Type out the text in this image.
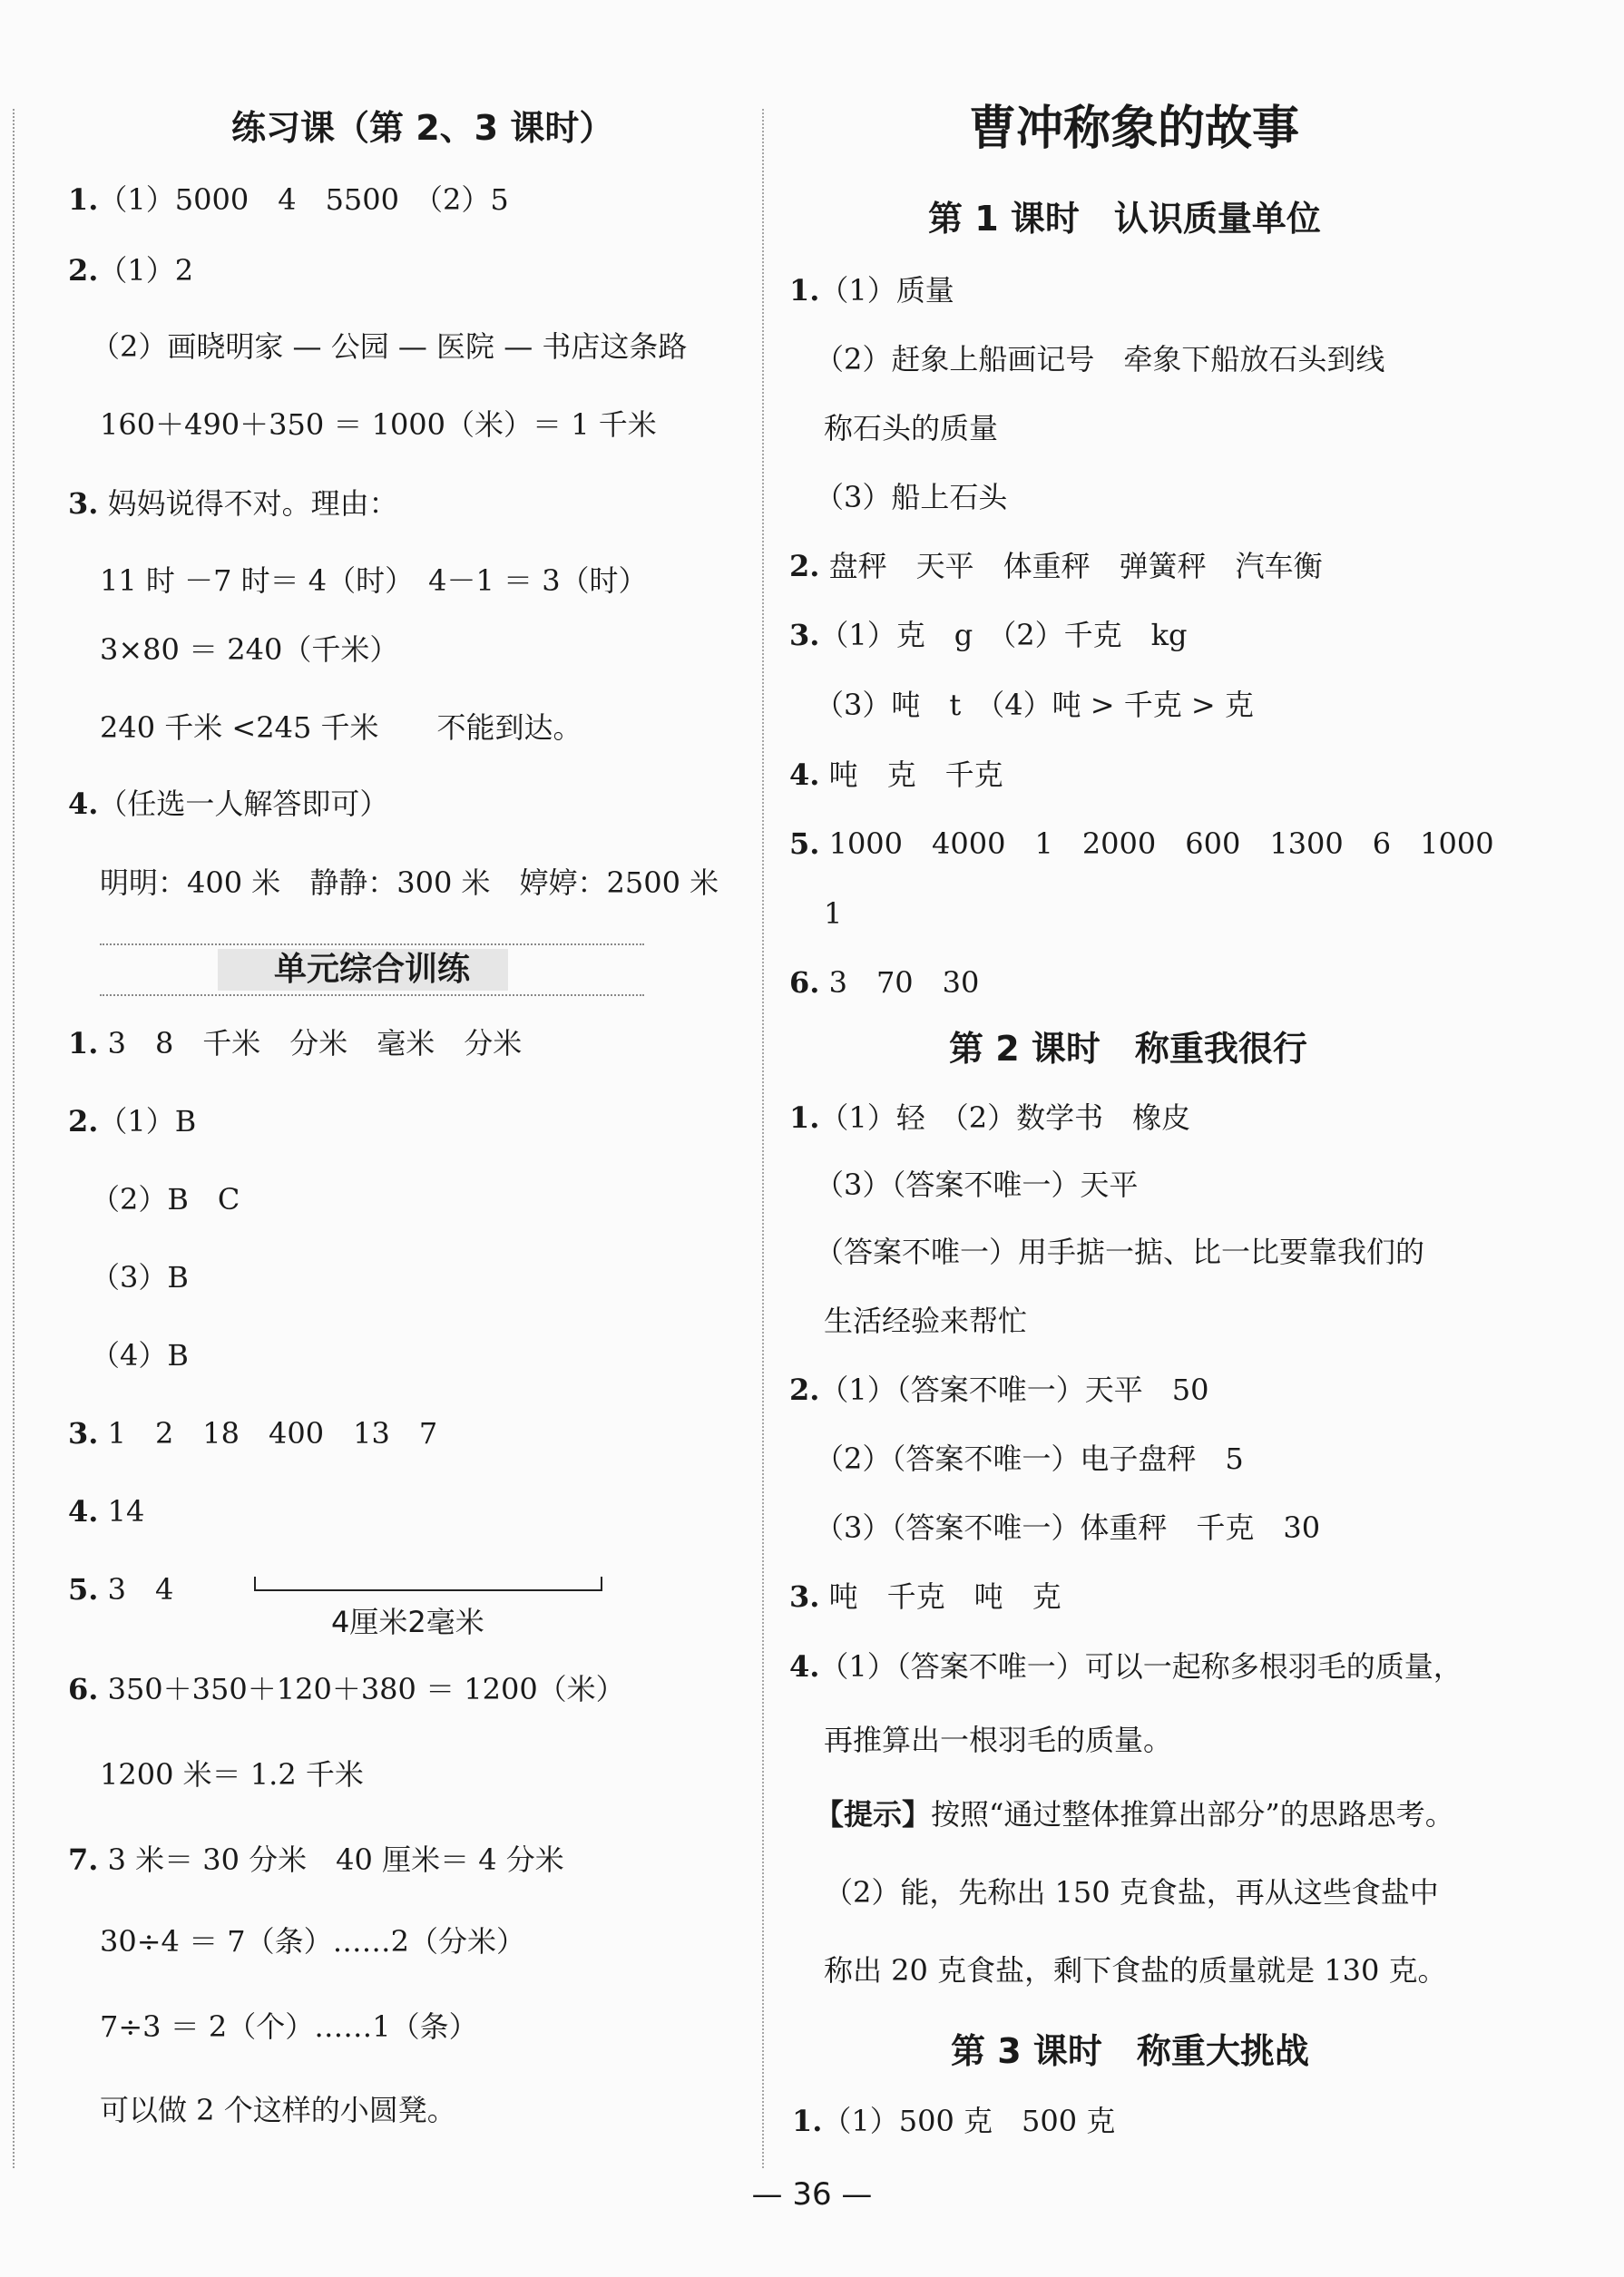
练习课（第 2、3 课时）
1.（1）5000　4　5500　（2）5
2.（1）2
（2）画晓明家 — 公园 — 医院 — 书店这条路
160＋490＋350 ＝ 1000（米）＝ 1 千米
3. 妈妈说得不对。理由：
11 时 －7 时＝ 4（时）　4－1 ＝ 3（时）
3×80 ＝ 240（千米）
240 千米 <245 千米　　不能到达。
4.（任选一人解答即可）
明明：400 米　静静：300 米　婷婷：2500 米
单元综合训练
1. 3　8　千米　分米　毫米　分米
2.（1）B
（2）B　C
（3）B
（4）B
3. 1　2　18　400　13　7
4. 14
5. 3　4
4厘米2毫米
6. 350＋350＋120＋380 ＝ 1200（米）
1200 米＝ 1.2 千米
7. 3 米＝ 30 分米　40 厘米＝ 4 分米
30÷4 ＝ 7（条）……2（分米）
7÷3 ＝ 2（个）……1（条）
可以做 2 个这样的小圆凳。
曹冲称象的故事
第 1 课时　认识质量单位
1.（1）质量
（2）赶象上船画记号　牵象下船放石头到线
称石头的质量
（3）船上石头
2. 盘秤　天平　体重秤　弹簧秤　汽车衡
3.（1）克　g　（2）千克　kg
（3）吨　t　（4）吨 > 千克 > 克
4. 吨　克　千克
5. 1000　4000　1　2000　600　1300　6　1000
1
6. 3　70　30
第 2 课时　称重我很行
1.（1）轻　（2）数学书　橡皮
（3）（答案不唯一）天平
（答案不唯一）用手掂一掂、比一比要靠我们的
生活经验来帮忙
2.（1）（答案不唯一）天平　50
（2）（答案不唯一）电子盘秤　5
（3）（答案不唯一）体重秤　千克　30
3. 吨　千克　吨　克
4.（1）（答案不唯一）可以一起称多根羽毛的质量，
再推算出一根羽毛的质量。
【提示】按照“通过整体推算出部分”的思路思考。
（2）能，先称出 150 克食盐，再从这些食盐中
称出 20 克食盐，剩下食盐的质量就是 130 克。
第 3 课时　称重大挑战
1.（1）500 克　500 克
— 36 —
